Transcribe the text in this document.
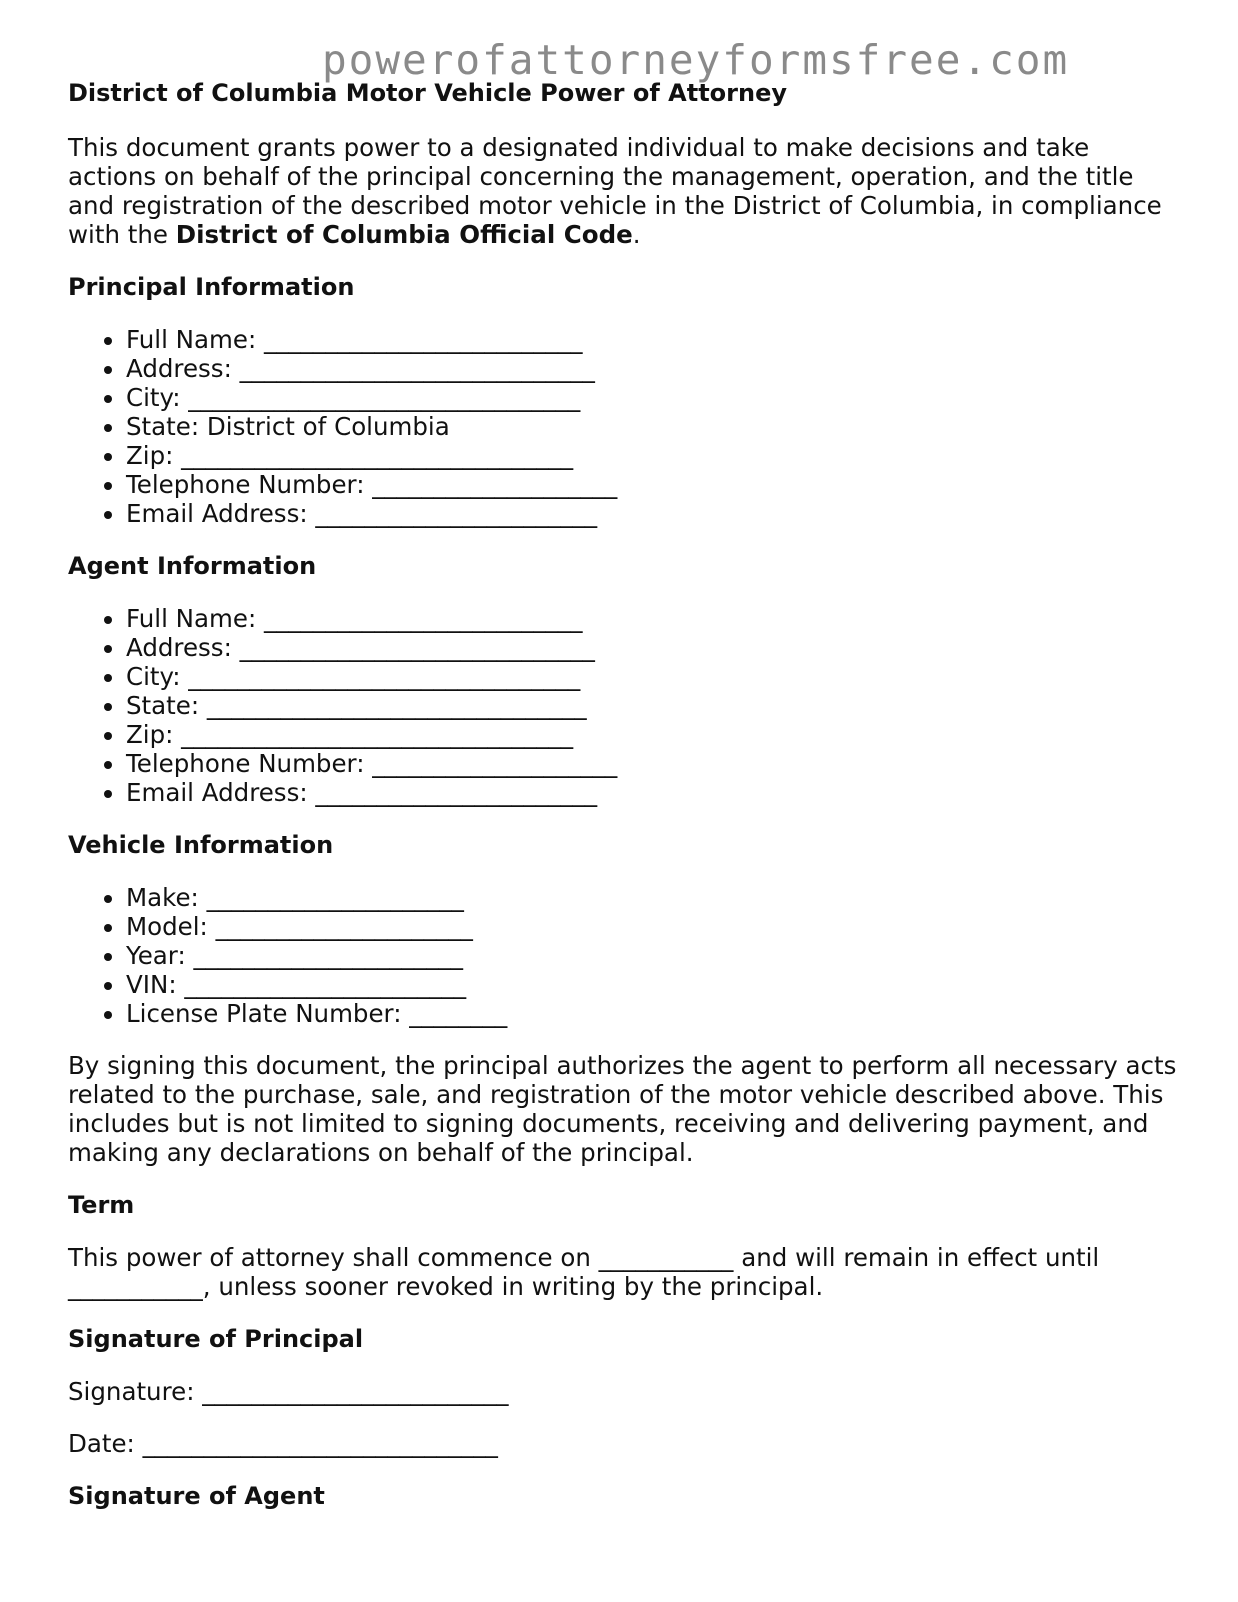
powerofattorneyformsfree.com
District of Columbia Motor Vehicle Power of Attorney
This document grants power to a designated individual to make decisions and take actions on behalf of the principal concerning the management, operation, and the title and registration of the described motor vehicle in the District of Columbia, in compliance with the District of Columbia Official Code.
Principal Information
• Full Name: __________________________
• Address: _____________________________
• City: ________________________________
• State: District of Columbia
• Zip: ________________________________
• Telephone Number: ____________________
• Email Address: _______________________
Agent Information
• Full Name: __________________________
• Address: _____________________________
• City: ________________________________
• State: _______________________________
• Zip: ________________________________
• Telephone Number: ____________________
• Email Address: _______________________
Vehicle Information
• Make: _____________________
• Model: _____________________
• Year: ______________________
• VIN: _______________________
• License Plate Number: ________
By signing this document, the principal authorizes the agent to perform all necessary acts related to the purchase, sale, and registration of the motor vehicle described above. This includes but is not limited to signing documents, receiving and delivering payment, and making any declarations on behalf of the principal.
Term
This power of attorney shall commence on ___________ and will remain in effect until ___________, unless sooner revoked in writing by the principal.
Signature of Principal
Signature: _________________________
Date: _____________________________
Signature of Agent
